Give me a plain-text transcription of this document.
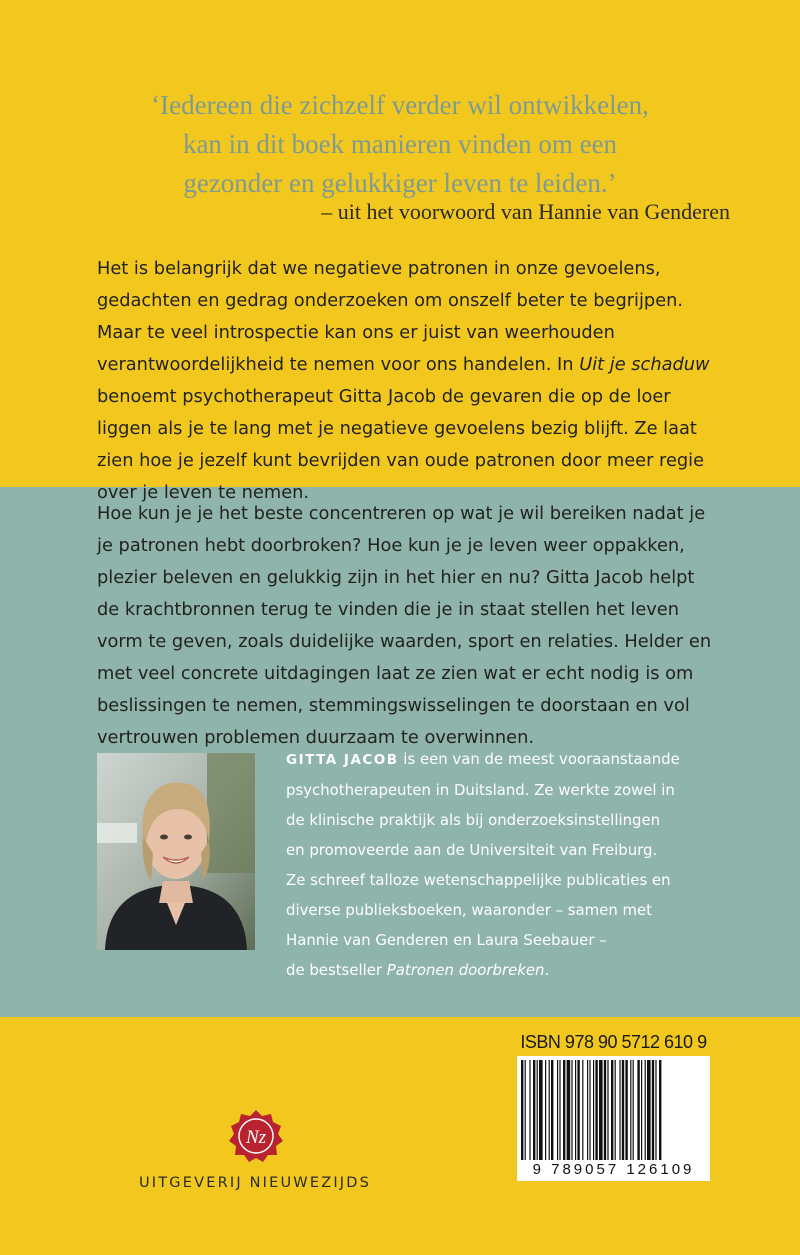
‘Iedereen die zichzelf verder wil ontwikkelen,
kan in dit boek manieren vinden om een
gezonder en gelukkiger leven te leiden.’
– uit het voorwoord van Hannie van Genderen
Het is belangrijk dat we negatieve patronen in onze gevoelens,
gedachten en gedrag onderzoeken om onszelf beter te begrijpen.
Maar te veel introspectie kan ons er juist van weerhouden
verantwoordelijkheid te nemen voor ons handelen. In Uit je schaduw
benoemt psychotherapeut Gitta Jacob de gevaren die op de loer
liggen als je te lang met je negatieve gevoelens bezig blijft. Ze laat
zien hoe je jezelf kunt bevrijden van oude patronen door meer regie
over je leven te nemen.
Hoe kun je je het beste concentreren op wat je wil bereiken nadat je
je patronen hebt doorbroken? Hoe kun je je leven weer oppakken,
plezier beleven en gelukkig zijn in het hier en nu? Gitta Jacob helpt
de krachtbronnen terug te vinden die je in staat stellen het leven
vorm te geven, zoals duidelijke waarden, sport en relaties. Helder en
met veel concrete uitdagingen laat ze zien wat er echt nodig is om
beslissingen te nemen, stemmingswisselingen te doorstaan en vol
vertrouwen problemen duurzaam te overwinnen.
GITTA JACOB is een van de meest vooraanstaande
psychotherapeuten in Duitsland. Ze werkte zowel in
de klinische praktijk als bij onderzoeksinstellingen
en promoveerde aan de Universiteit van Freiburg.
Ze schreef talloze wetenschappelijke publicaties en
diverse publieksboeken, waaronder – samen met
Hannie van Genderen en Laura Seebauer –
de bestseller Patronen doorbreken.
ISBN 978 90 5712 610 9
9 789057 126109
Nz
UITGEVERIJ NIEUWEZIJDS
